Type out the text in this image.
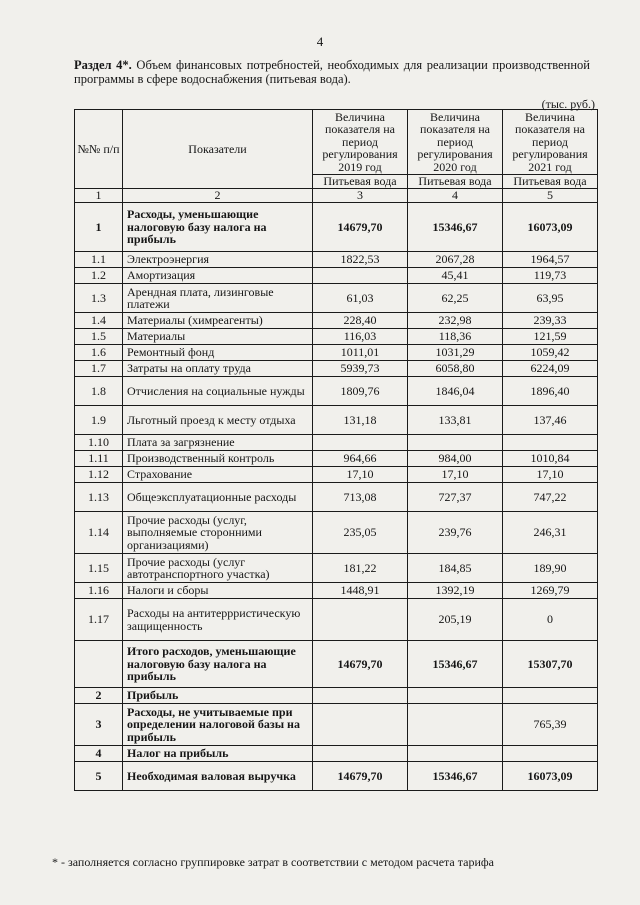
4
Раздел 4*. Объем финансовых потребностей, необходимых для реализации производственной программы в сфере водоснабжения (питьевая вода).
(тыс. руб.)
№№ п/п	Показатели	Величина показателя на период регулирования 2019 год	Величина показателя на период регулирования 2020 год	Величина показателя на период регулирования 2021 год
		Питьевая вода	Питьевая вода	Питьевая вода
1	2	3	4	5
1	Расходы, уменьшающие налоговую базу налога на прибыль	14679,70	15346,67	16073,09
1.1	Электроэнергия	1822,53	2067,28	1964,57
1.2	Амортизация		45,41	119,73
1.3	Арендная плата, лизинговые платежи	61,03	62,25	63,95
1.4	Материалы (химреагенты)	228,40	232,98	239,33
1.5	Материалы	116,03	118,36	121,59
1.6	Ремонтный фонд	1011,01	1031,29	1059,42
1.7	Затраты на оплату труда	5939,73	6058,80	6224,09
1.8	Отчисления на социальные нужды	1809,76	1846,04	1896,40
1.9	Льготный проезд к месту отдыха	131,18	133,81	137,46
1.10	Плата за загрязнение			
1.11	Производственный контроль	964,66	984,00	1010,84
1.12	Страхование	17,10	17,10	17,10
1.13	Общеэксплуатационные расходы	713,08	727,37	747,22
1.14	Прочие расходы (услуг, выполняемые сторонними организациями)	235,05	239,76	246,31
1.15	Прочие расходы (услуг автотранспортного участка)	181,22	184,85	189,90
1.16	Налоги и сборы	1448,91	1392,19	1269,79
1.17	Расходы на антитеррристическую защищенность		205,19	0
	Итого расходов, уменьшающие налоговую базу налога на прибыль	14679,70	15346,67	15307,70
2	Прибыль			
3	Расходы, не учитываемые при определении налоговой базы на прибыль			765,39
4	Налог на прибыль			
5	Необходимая валовая выручка	14679,70	15346,67	16073,09
* - заполняется согласно группировке затрат в соответствии с методом расчета тарифа
